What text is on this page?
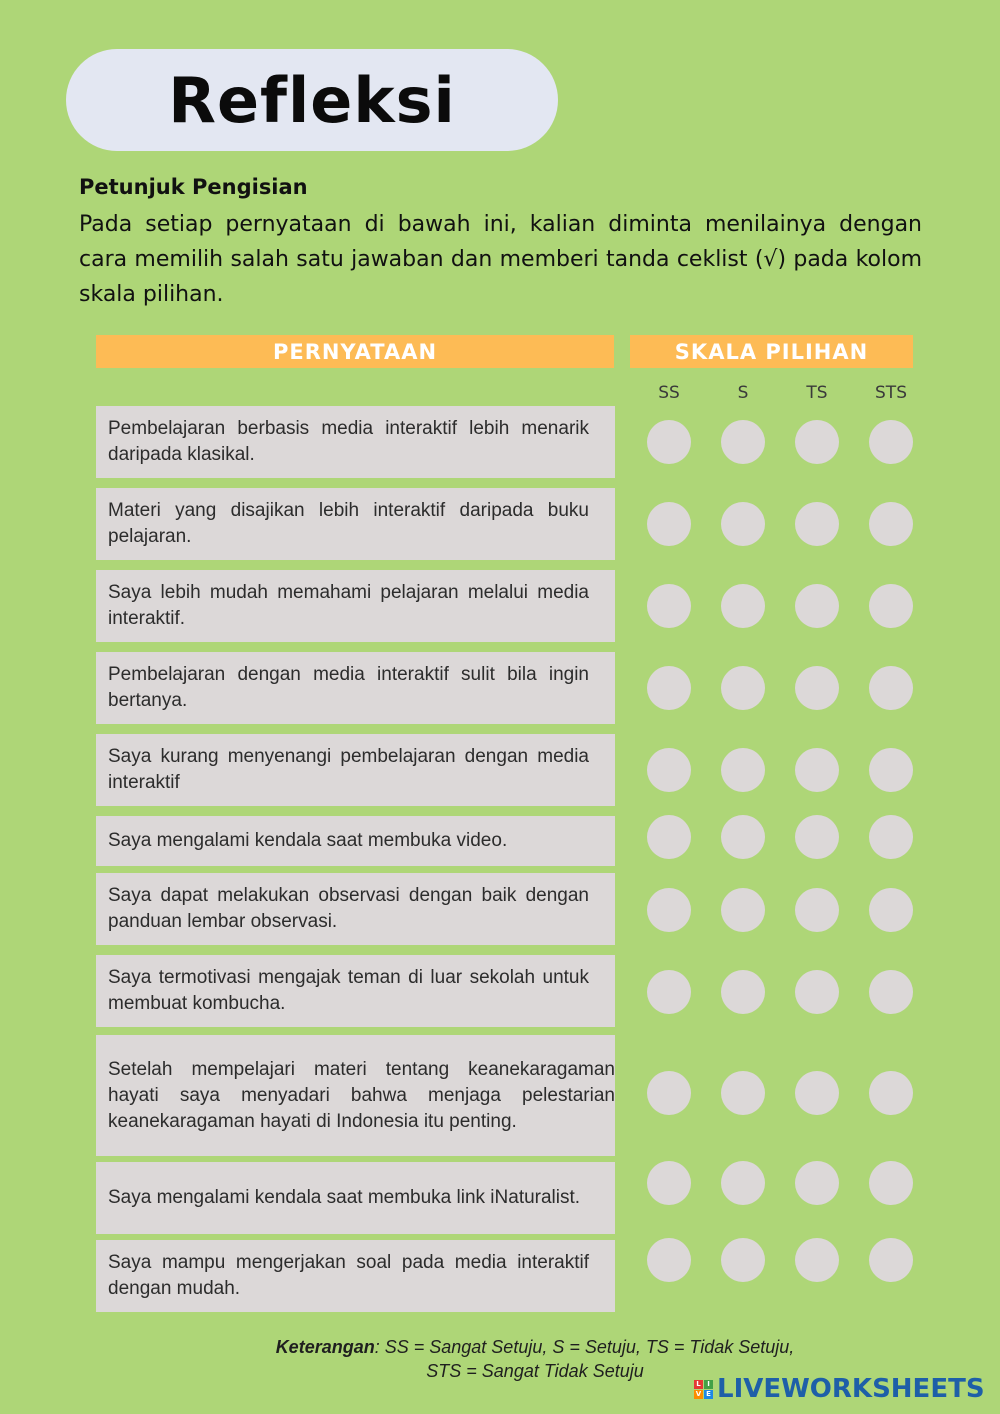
Refleksi

Petunjuk Pengisian

Pada setiap pernyataan di bawah ini, kalian diminta menilainya dengan cara memilih salah satu jawaban dan memberi tanda ceklist (√) pada kolom skala pilihan.

PERNYATAAN	SKALA PILIHAN
SS	S	TS	STS
Pembelajaran berbasis media interaktif lebih menarik daripada klasikal.
Materi yang disajikan lebih interaktif daripada buku pelajaran.
Saya lebih mudah memahami pelajaran melalui media interaktif.
Pembelajaran dengan media interaktif sulit bila ingin bertanya.
Saya kurang menyenangi pembelajaran dengan media interaktif
Saya mengalami kendala saat membuka video.
Saya dapat melakukan observasi dengan baik dengan panduan lembar observasi.
Saya termotivasi mengajak teman di luar sekolah untuk membuat kombucha.
Setelah mempelajari materi tentang keanekaragaman hayati saya menyadari bahwa menjaga pelestarian keanekaragaman hayati di Indonesia itu penting.
Saya mengalami kendala saat membuka link iNaturalist.
Saya mampu mengerjakan soal pada media interaktif dengan mudah.
Keterangan: SS = Sangat Setuju, S = Setuju, TS = Tidak Setuju,
STS = Sangat Tidak Setuju
L I
V E LIVEWORKSHEETS
